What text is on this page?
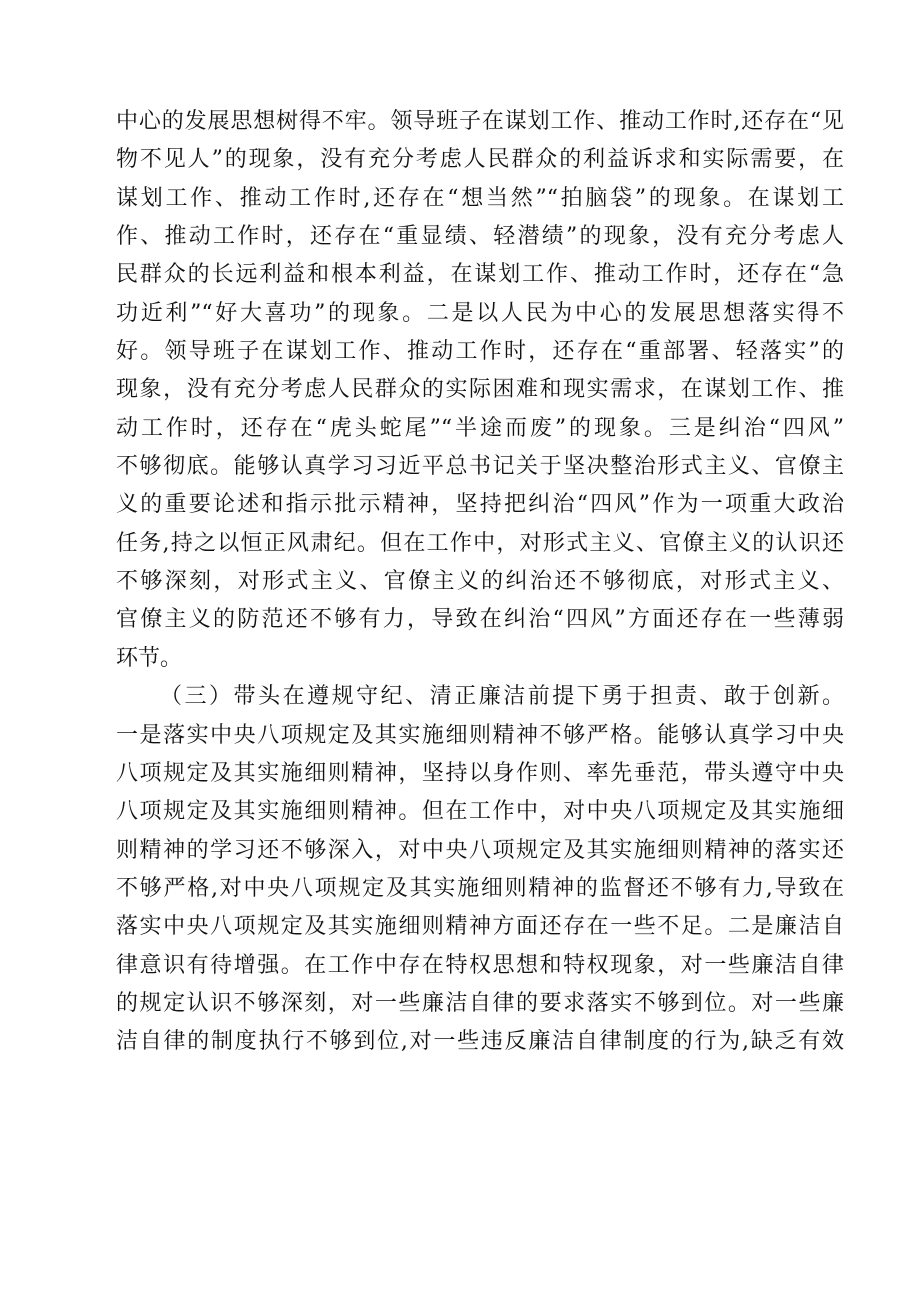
中心的发展思想树得不牢。领导班子在谋划工作、推动工作时,还存在“见
物不见人”的现象，没有充分考虑人民群众的利益诉求和实际需要，在
谋划工作、推动工作时,还存在“想当然”“拍脑袋”的现象。在谋划工
作、推动工作时，还存在“重显绩、轻潜绩”的现象，没有充分考虑人
民群众的长远利益和根本利益，在谋划工作、推动工作时，还存在“急
功近利”“好大喜功”的现象。二是以人民为中心的发展思想落实得不
好。领导班子在谋划工作、推动工作时，还存在“重部署、轻落实”的
现象，没有充分考虑人民群众的实际困难和现实需求，在谋划工作、推
动工作时，还存在“虎头蛇尾”“半途而废”的现象。三是纠治“四风”
不够彻底。能够认真学习习近平总书记关于坚决整治形式主义、官僚主
义的重要论述和指示批示精神，坚持把纠治“四风”作为一项重大政治
任务,持之以恒正风肃纪。但在工作中，对形式主义、官僚主义的认识还
不够深刻，对形式主义、官僚主义的纠治还不够彻底，对形式主义、
官僚主义的防范还不够有力，导致在纠治“四风”方面还存在一些薄弱
环节。
（三）带头在遵规守纪、清正廉洁前提下勇于担责、敢于创新。
一是落实中央八项规定及其实施细则精神不够严格。能够认真学习中央
八项规定及其实施细则精神，坚持以身作则、率先垂范，带头遵守中央
八项规定及其实施细则精神。但在工作中，对中央八项规定及其实施细
则精神的学习还不够深入，对中央八项规定及其实施细则精神的落实还
不够严格,对中央八项规定及其实施细则精神的监督还不够有力,导致在
落实中央八项规定及其实施细则精神方面还存在一些不足。二是廉洁自
律意识有待增强。在工作中存在特权思想和特权现象，对一些廉洁自律
的规定认识不够深刻，对一些廉洁自律的要求落实不够到位。对一些廉
洁自律的制度执行不够到位,对一些违反廉洁自律制度的行为,缺乏有效
